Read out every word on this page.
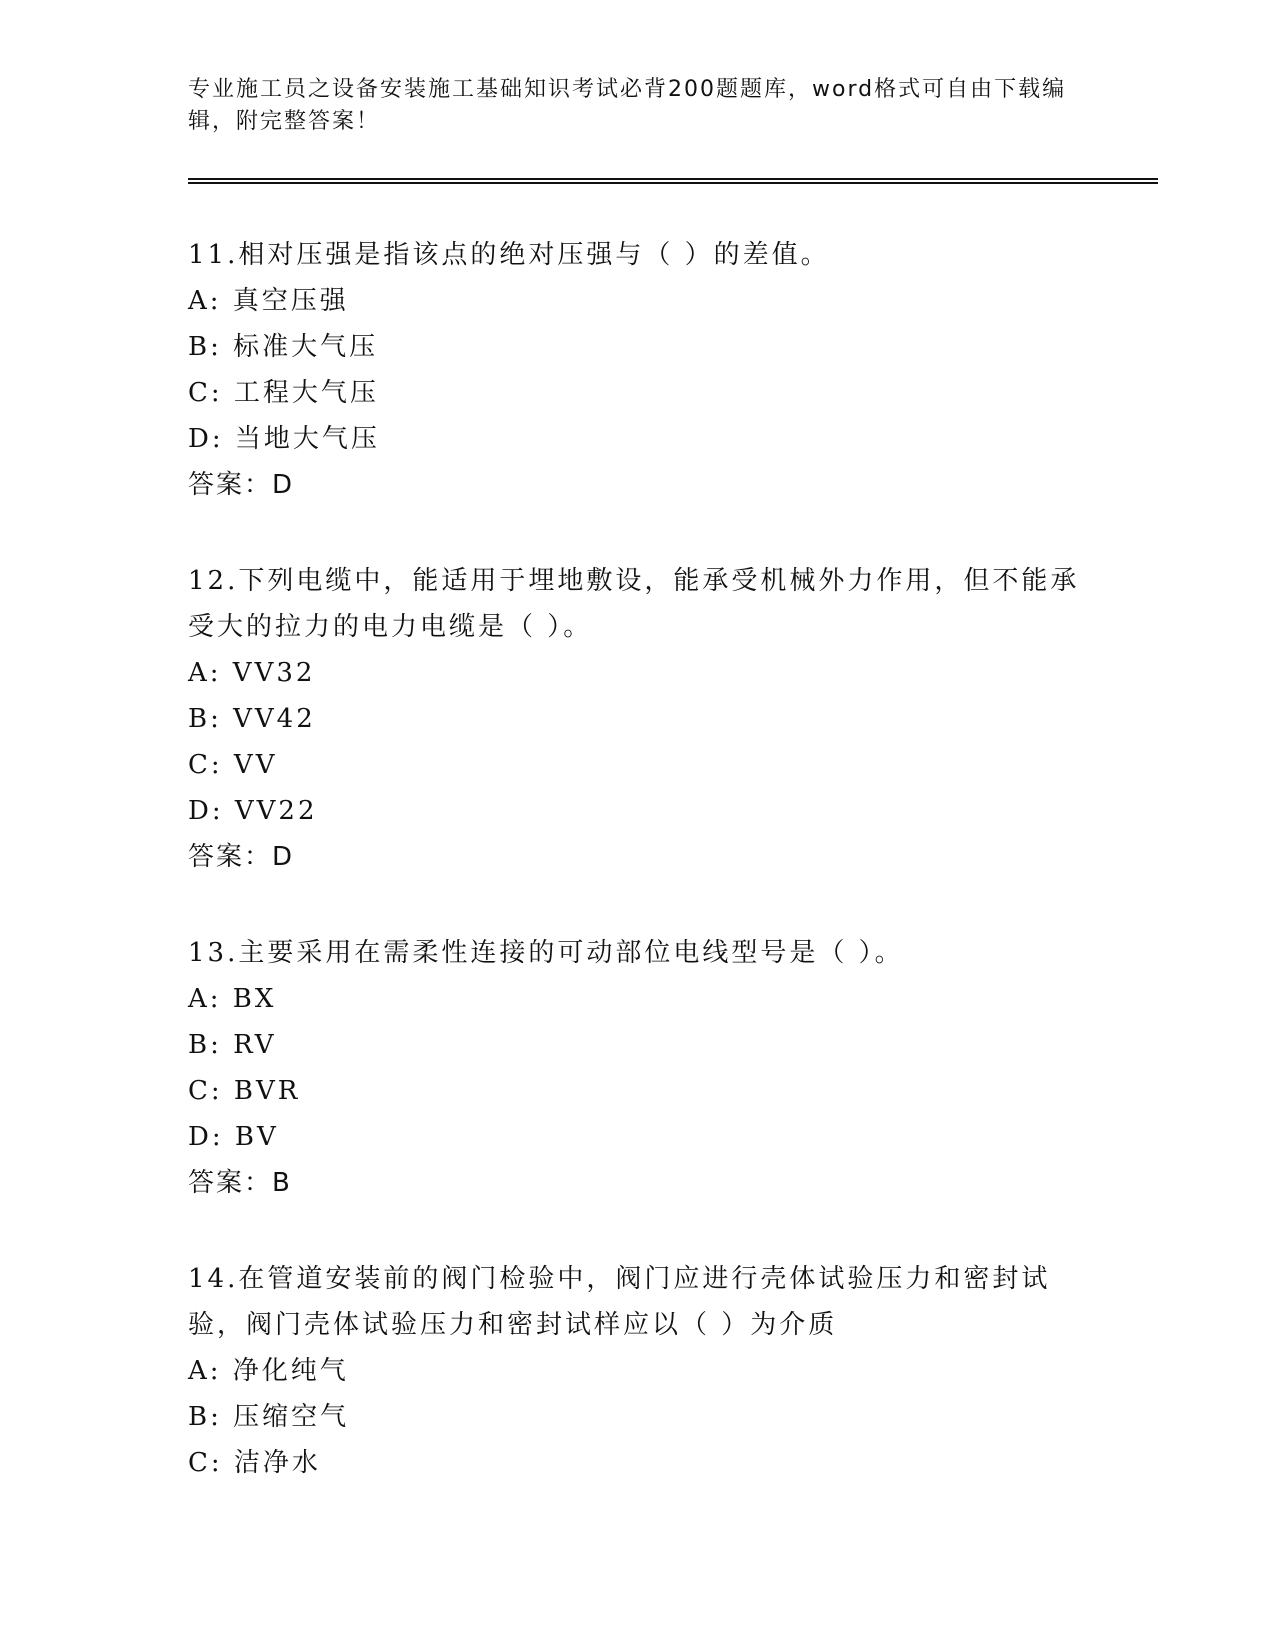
专业施工员之设备安装施工基础知识考试必背200题题库，word格式可自由下载编辑，附完整答案！

11.相对压强是指该点的绝对压强与（ ）的差值。

A: 真空压强

B: 标准大气压

C: 工程大气压

D: 当地大气压

答案：D

12.下列电缆中，能适用于埋地敷设，能承受机械外力作用，但不能承受大的拉力的电力电缆是（ ）。

A: VV32

B: VV42

C: VV

D: VV22

答案：D

13.主要采用在需柔性连接的可动部位电线型号是（ ）。

A: BX

B: RV

C: BVR

D: BV

答案：B

14.在管道安装前的阀门检验中，阀门应进行壳体试验压力和密封试验，阀门壳体试验压力和密封试样应以（ ）为介质

A: 净化纯气

B: 压缩空气

C: 洁净水
